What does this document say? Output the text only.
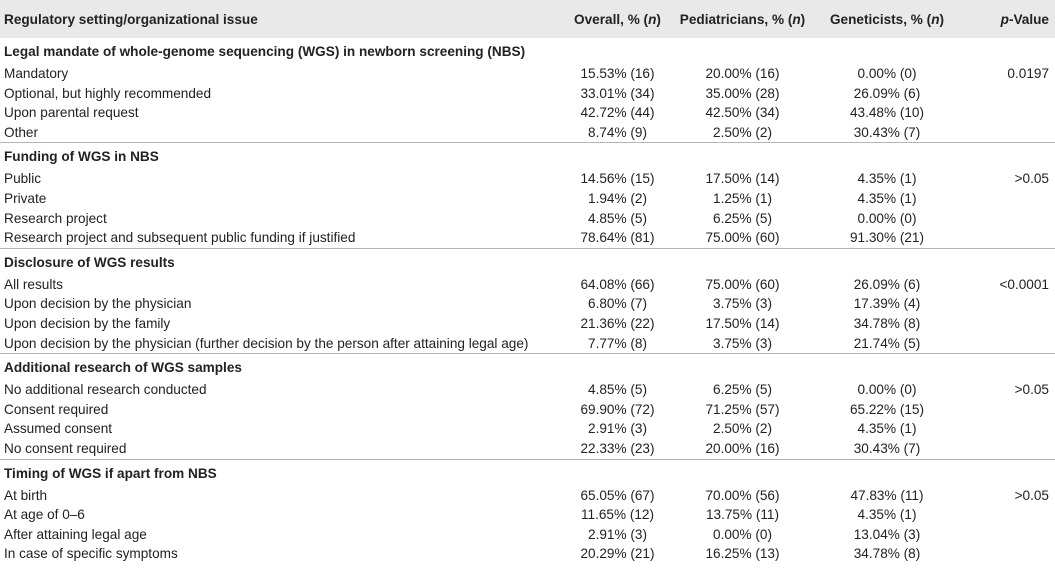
Regulatory setting/organizational issue	Overall, % (n)	Pediatricians, % (n)	Geneticists, % (n)	p-Value
Legal mandate of whole-genome sequencing (WGS) in newborn screening (NBS)				
Mandatory	15.53% (16)	20.00% (16)	0.00% (0)	0.0197
Optional, but highly recommended	33.01% (34)	35.00% (28)	26.09% (6)	
Upon parental request	42.72% (44)	42.50% (34)	43.48% (10)	
Other	8.74% (9)	2.50% (2)	30.43% (7)	
Funding of WGS in NBS				
Public	14.56% (15)	17.50% (14)	4.35% (1)	>0.05
Private	1.94% (2)	1.25% (1)	4.35% (1)	
Research project	4.85% (5)	6.25% (5)	0.00% (0)	
Research project and subsequent public funding if justified	78.64% (81)	75.00% (60)	91.30% (21)	
Disclosure of WGS results				
All results	64.08% (66)	75.00% (60)	26.09% (6)	<0.0001
Upon decision by the physician	6.80% (7)	3.75% (3)	17.39% (4)	
Upon decision by the family	21.36% (22)	17.50% (14)	34.78% (8)	
Upon decision by the physician (further decision by the person after attaining legal age)	7.77% (8)	3.75% (3)	21.74% (5)	
Additional research of WGS samples				
No additional research conducted	4.85% (5)	6.25% (5)	0.00% (0)	>0.05
Consent required	69.90% (72)	71.25% (57)	65.22% (15)	
Assumed consent	2.91% (3)	2.50% (2)	4.35% (1)	
No consent required	22.33% (23)	20.00% (16)	30.43% (7)	
Timing of WGS if apart from NBS				
At birth	65.05% (67)	70.00% (56)	47.83% (11)	>0.05
At age of 0–6	11.65% (12)	13.75% (11)	4.35% (1)	
After attaining legal age	2.91% (3)	0.00% (0)	13.04% (3)	
In case of specific symptoms	20.29% (21)	16.25% (13)	34.78% (8)	
